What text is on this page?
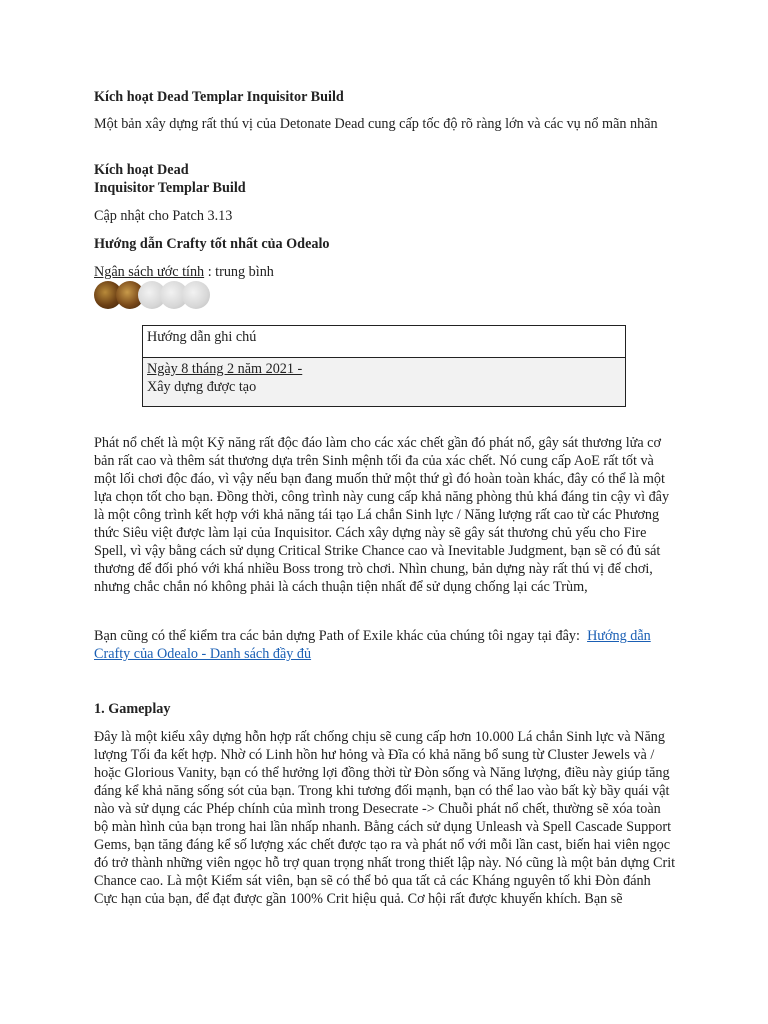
Kích hoạt Dead Templar Inquisitor Build
Một bản xây dựng rất thú vị của Detonate Dead cung cấp tốc độ rõ ràng lớn và các vụ nổ mãn nhãn
Kích hoạt Dead
Inquisitor Templar Build
Cập nhật cho Patch 3.13
Hướng dẫn Crafty tốt nhất của Odealo
Ngân sách ước tính : trung bình
Hướng dẫn ghi chú

Ngày 8 tháng 2 năm 2021 -
Xây dựng được tạo
Phát nổ chết là một Kỹ năng rất độc đáo làm cho các xác chết gần đó phát nổ, gây sát thương lửa cơ bản rất cao và thêm sát thương dựa trên Sinh mệnh tối đa của xác chết. Nó cung cấp AoE rất tốt và một lối chơi độc đáo, vì vậy nếu bạn đang muốn thử một thứ gì đó hoàn toàn khác, đây có thể là một lựa chọn tốt cho bạn. Đồng thời, công trình này cung cấp khả năng phòng thủ khá đáng tin cậy vì đây là một công trình kết hợp với khả năng tái tạo Lá chắn Sinh lực / Năng lượng rất cao từ các Phương thức Siêu việt được làm lại của Inquisitor. Cách xây dựng này sẽ gây sát thương chủ yếu cho Fire Spell, vì vậy bằng cách sử dụng Critical Strike Chance cao và Inevitable Judgment, bạn sẽ có đủ sát thương để đối phó với khá nhiều Boss trong trò chơi. Nhìn chung, bản dựng này rất thú vị để chơi, nhưng chắc chắn nó không phải là cách thuận tiện nhất để sử dụng chống lại các Trùm,
Bạn cũng có thể kiểm tra các bản dựng Path of Exile khác của chúng tôi ngay tại đây: Hướng dẫn Crafty của Odealo - Danh sách đầy đủ
1. Gameplay
Đây là một kiểu xây dựng hỗn hợp rất chống chịu sẽ cung cấp hơn 10.000 Lá chắn Sinh lực và Năng lượng Tối đa kết hợp. Nhờ có Linh hồn hư hỏng và Đĩa có khả năng bổ sung từ Cluster Jewels và / hoặc Glorious Vanity, bạn có thể hưởng lợi đồng thời từ Đòn sống và Năng lượng, điều này giúp tăng đáng kể khả năng sống sót của bạn. Trong khi tương đối mạnh, bạn có thể lao vào bất kỳ bầy quái vật nào và sử dụng các Phép chính của mình trong Desecrate -> Chuỗi phát nổ chết, thường sẽ xóa toàn bộ màn hình của bạn trong hai lần nhấp nhanh. Bằng cách sử dụng Unleash và Spell Cascade Support Gems, bạn tăng đáng kể số lượng xác chết được tạo ra và phát nổ với mỗi lần cast, biến hai viên ngọc đó trở thành những viên ngọc hỗ trợ quan trọng nhất trong thiết lập này. Nó cũng là một bản dựng Crit Chance cao. Là một Kiểm sát viên, bạn sẽ có thể bỏ qua tất cả các Kháng nguyên tố khi Đòn đánh Cực hạn của bạn, để đạt được gần 100% Crit hiệu quả. Cơ hội rất được khuyến khích. Bạn sẽ
